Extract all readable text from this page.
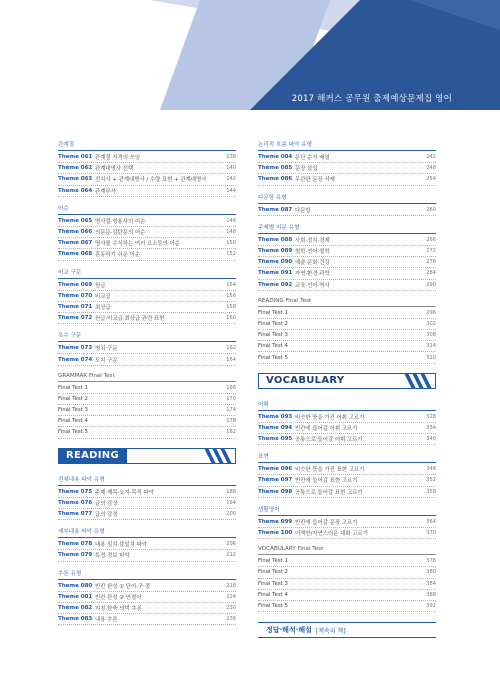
2017 해커스 공무원 출제예상문제집 영어
관계절
Theme 061 관계절 자격의 쓰임	138
Theme 062 관계대명사 선택	140
Theme 063 전치사 + 관계대명사 / 수량 표현 + 관계대명사	142
Theme 064 관계부사	144
어순
Theme 065 명사절·형용사의 어순	146
Theme 066 의문문·감탄문의 어순	148
Theme 067 명사를 수식하는 여러 요소들의 어순	150
Theme 068 혼동하기 쉬운 어순	152
비교 구문
Theme 069 원급	154
Theme 070 비교급	156
Theme 071 최상급	158
Theme 072 원급·비교급·최상급 관련 표현	160
특수 구문
Theme 073 병치 구문	162
Theme 074 도치 구문	164
GRAMMAR Final Test
Final Test 1	166
Final Test 2	170
Final Test 3	174
Final Test 4	178
Final Test 5	182
READING
전체내용 파악 유형
Theme 075 주제·제목·요지·목적 파악	188
Theme 076 글의 감상	194
Theme 077 글의 감정	200
세부내용 파악 유형
Theme 078 내용 일치·불일치 파악	206
Theme 079 특정 정보 파악	212
추론 유형
Theme 080 빈칸 완성 ① 단어·구·절	218
Theme 081 빈칸 완성 ② 연결어	224
Theme 082 지칭·함축 의미 추론	230
Theme 083 내용 추론	236
논리적 흐름 파악 유형
Theme 084 문단 순서 배열	242
Theme 085 문장 삽입	248
Theme 086 무관한 문장 삭제	254
다문항 유형
Theme 087 다문항	260
주제별 지문 유형
Theme 088 사회·정치·경제	266
Theme 089 철학·언어·철학	272
Theme 090 예술·문화·건강	278
Theme 091 자연·환경·과학	284
Theme 092 교육·언어·역사	290
READING Final Test
Final Test 1	296
Final Test 2	302
Final Test 3	308
Final Test 4	314
Final Test 5	320
VOCABULARY
어휘
Theme 093 비슷한 뜻을 가진 어휘 고르기	328
Theme 094 빈칸에 들어갈 어휘 고르기	334
Theme 095 공통으로 들어갈 어휘 고르기	340
표현
Theme 096 비슷한 뜻을 가진 표현 고르기	346
Theme 097 빈칸에 들어갈 표현 고르기	352
Theme 098 공통으로 들어갈 표현 고르기	358
생활영어
Theme 099 빈칸에 들어갈 문장 고르기	364
Theme 100 어색한/자연스러운 대화 고르기	370
VOCABULARY Final Test
Final Test 1	376
Final Test 2	380
Final Test 3	384
Final Test 4	388
Final Test 5	392
정답·해석·해설 [책속의 책]
